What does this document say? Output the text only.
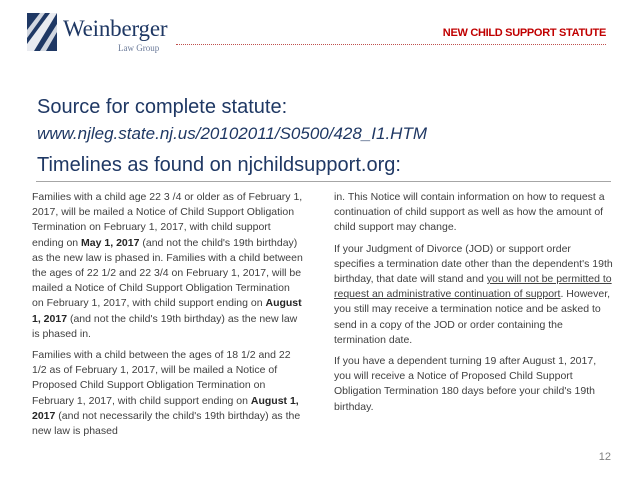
Weinberger
Law Group
NEW CHILD SUPPORT STATUTE
Source for complete statute:
www.njleg.state.nj.us/20102011/S0500/428_I1.HTM
Timelines as found on njchildsupport.org:

Families with a child age 22 3 /4 or older as of February 1, 2017, will be mailed a Notice of Child Support Obligation Termination on February 1, 2017, with child support ending on May 1, 2017 (and not the child's 19th birthday) as the new law is phased in. Families with a child between the ages of 22 1/2 and 22 3/4 on February 1, 2017, will be mailed a Notice of Child Support Obligation Termination on February 1, 2017, with child support ending on August 1, 2017 (and not the child's 19th birthday) as the new law is phased in.

Families with a child between the ages of 18 1/2 and 22 1/2 as of February 1, 2017, will be mailed a Notice of Proposed Child Support Obligation Termination on February 1, 2017, with child support ending on August 1, 2017 (and not necessarily the child's 19th birthday) as the new law is phased

in. This Notice will contain information on how to request a continuation of child support as well as how the amount of child support may change.

If your Judgment of Divorce (JOD) or support order specifies a termination date other than the dependent's 19th birthday, that date will stand and you will not be permitted to request an administrative continuation of support. However, you still may receive a termination notice and be asked to send in a copy of the JOD or order containing the termination date.

If you have a dependent turning 19 after August 1, 2017, you will receive a Notice of Proposed Child Support Obligation Termination 180 days before your child's 19th birthday.

12
